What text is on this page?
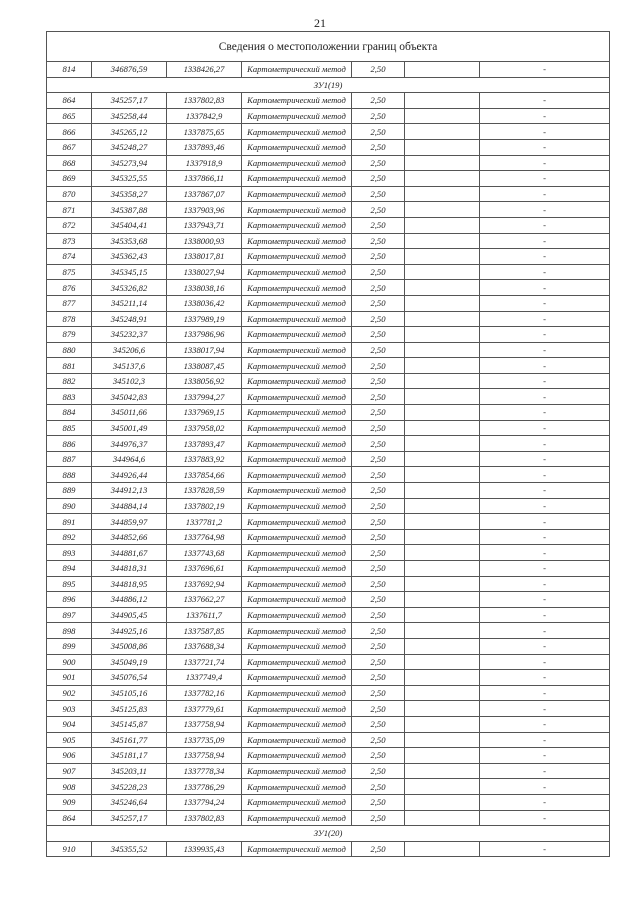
21
Сведения о местоположении границ объекта						
814	346876,59	1338426,27	Картометрический метод	2,50		-
ЗУ1(19)						
864	345257,17	1337802,83	Картометрический метод	2,50		-
865	345258,44	1337842,9	Картометрический метод	2,50		-
866	345265,12	1337875,65	Картометрический метод	2,50		-
867	345248,27	1337893,46	Картометрический метод	2,50		-
868	345273,94	1337918,9	Картометрический метод	2,50		-
869	345325,55	1337866,11	Картометрический метод	2,50		-
870	345358,27	1337867,07	Картометрический метод	2,50		-
871	345387,88	1337903,96	Картометрический метод	2,50		-
872	345404,41	1337943,71	Картометрический метод	2,50		-
873	345353,68	1338000,93	Картометрический метод	2,50		-
874	345362,43	1338017,81	Картометрический метод	2,50		-
875	345345,15	1338027,94	Картометрический метод	2,50		-
876	345326,82	1338038,16	Картометрический метод	2,50		-
877	345211,14	1338036,42	Картометрический метод	2,50		-
878	345248,91	1337989,19	Картометрический метод	2,50		-
879	345232,37	1337986,96	Картометрический метод	2,50		-
880	345206,6	1338017,94	Картометрический метод	2,50		-
881	345137,6	1338087,45	Картометрический метод	2,50		-
882	345102,3	1338056,92	Картометрический метод	2,50		-
883	345042,83	1337994,27	Картометрический метод	2,50		-
884	345011,66	1337969,15	Картометрический метод	2,50		-
885	345001,49	1337958,02	Картометрический метод	2,50		-
886	344976,37	1337893,47	Картометрический метод	2,50		-
887	344964,6	1337883,92	Картометрический метод	2,50		-
888	344926,44	1337854,66	Картометрический метод	2,50		-
889	344912,13	1337828,59	Картометрический метод	2,50		-
890	344884,14	1337802,19	Картометрический метод	2,50		-
891	344859,97	1337781,2	Картометрический метод	2,50		-
892	344852,66	1337764,98	Картометрический метод	2,50		-
893	344881,67	1337743,68	Картометрический метод	2,50		-
894	344818,31	1337696,61	Картометрический метод	2,50		-
895	344818,95	1337692,94	Картометрический метод	2,50		-
896	344886,12	1337662,27	Картометрический метод	2,50		-
897	344905,45	1337611,7	Картометрический метод	2,50		-
898	344925,16	1337587,85	Картометрический метод	2,50		-
899	345008,86	1337688,34	Картометрический метод	2,50		-
900	345049,19	1337721,74	Картометрический метод	2,50		-
901	345076,54	1337749,4	Картометрический метод	2,50		-
902	345105,16	1337782,16	Картометрический метод	2,50		-
903	345125,83	1337779,61	Картометрический метод	2,50		-
904	345145,87	1337758,94	Картометрический метод	2,50		-
905	345161,77	1337735,09	Картометрический метод	2,50		-
906	345181,17	1337758,94	Картометрический метод	2,50		-
907	345203,11	1337778,34	Картометрический метод	2,50		-
908	345228,23	1337786,29	Картометрический метод	2,50		-
909	345246,64	1337794,24	Картометрический метод	2,50		-
864	345257,17	1337802,83	Картометрический метод	2,50		-
ЗУ1(20)						
910	345355,52	1339935,43	Картометрический метод	2,50		-
